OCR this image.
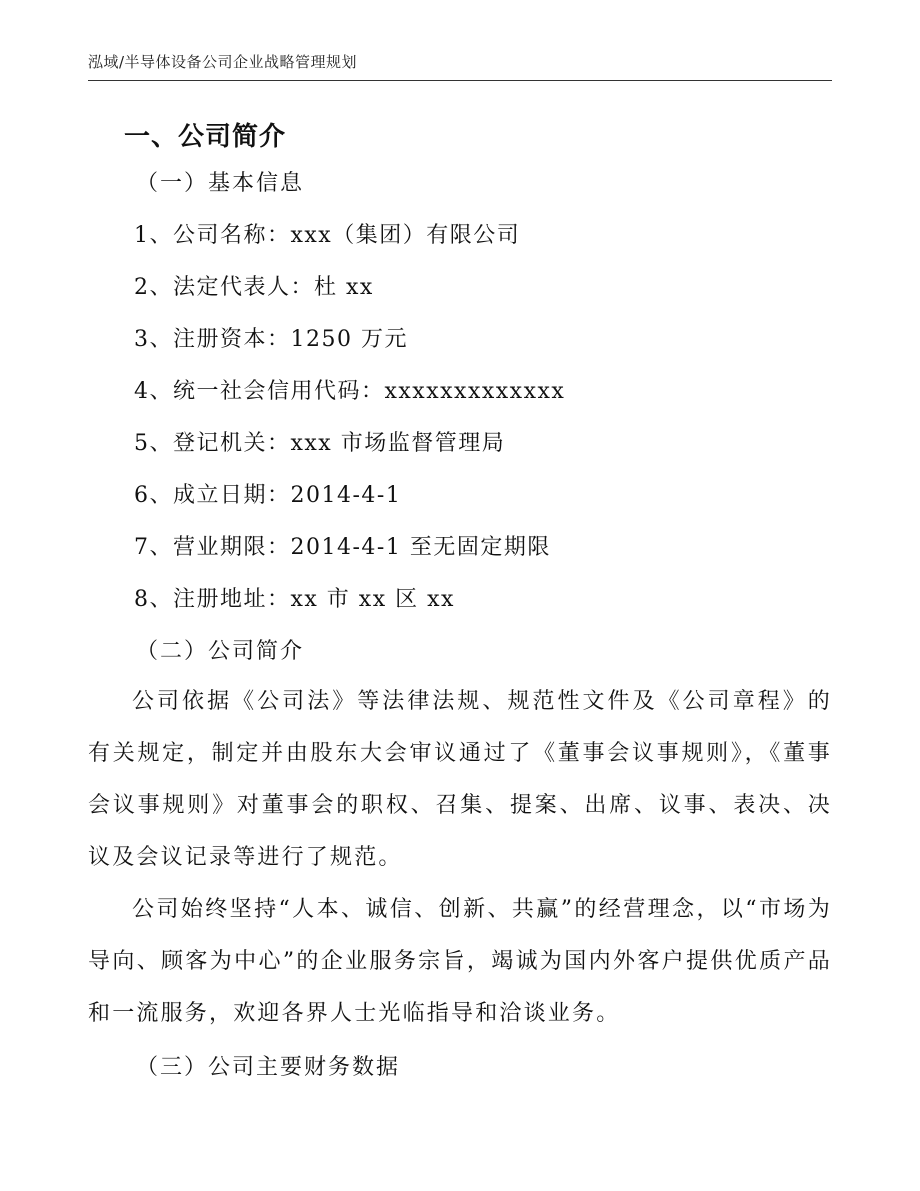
泓域/半导体设备公司企业战略管理规划
一、公司简介
（一）基本信息
1、公司名称：xxx（集团）有限公司
2、法定代表人：杜 xx
3、注册资本：1250 万元
4、统一社会信用代码：xxxxxxxxxxxxx
5、登记机关：xxx 市场监督管理局
6、成立日期：2014-4-1
7、营业期限：2014-4-1 至无固定期限
8、注册地址：xx 市 xx 区 xx
（二）公司简介

公司依据《公司法》等法律法规、规范性文件及《公司章程》的有关规定，制定并由股东大会审议通过了《董事会议事规则》，《董事会议事规则》对董事会的职权、召集、提案、出席、议事、表决、决议及会议记录等进行了规范。

公司始终坚持“人本、诚信、创新、共赢”的经营理念，以“市场为导向、顾客为中心”的企业服务宗旨，竭诚为国内外客户提供优质产品和一流服务，欢迎各界人士光临指导和洽谈业务。

（三）公司主要财务数据
